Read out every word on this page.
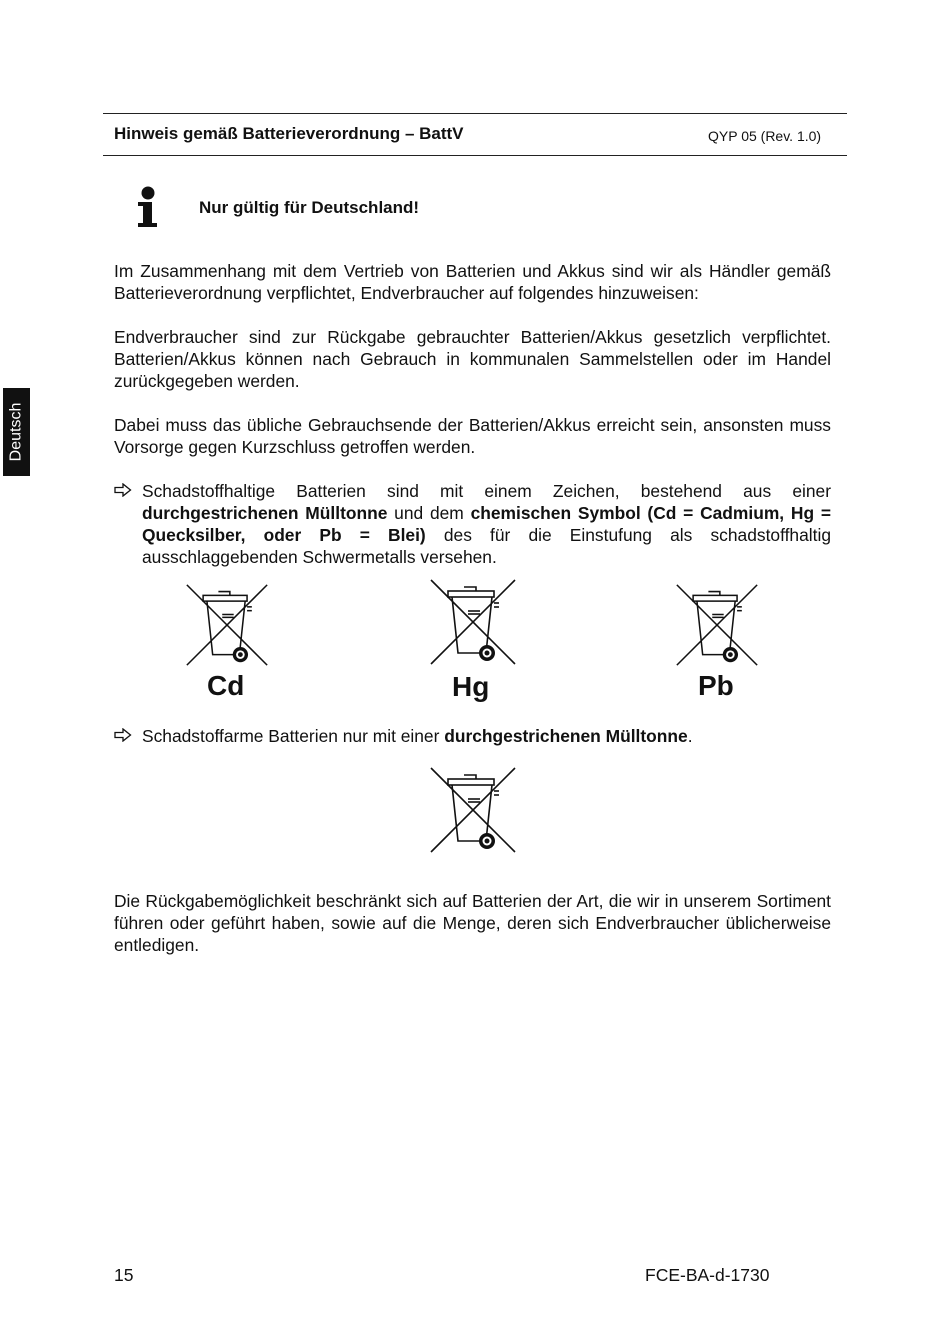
Hinweis gemäß Batterieverordnung – BattV	QYP 05 (Rev. 1.0)
Deutsch
Nur gültig für Deutschland!
Im Zusammenhang mit dem Vertrieb von Batterien und Akkus sind wir als Händler gemäß Batterieverordnung verpflichtet, Endverbraucher auf folgendes hinzuweisen:
Endverbraucher sind zur Rückgabe gebrauchter Batterien/Akkus gesetzlich verpflichtet. Batterien/Akkus können nach Gebrauch in kommunalen Sammelstellen oder im Handel zurückgegeben werden.
Dabei muss das übliche Gebrauchsende der Batterien/Akkus erreicht sein, ansonsten muss Vorsorge gegen Kurzschluss getroffen werden.
Schadstoffhaltige Batterien sind mit einem Zeichen, bestehend aus einer durchgestrichenen Mülltonne und dem chemischen Symbol (Cd = Cadmium, Hg = Quecksilber, oder Pb = Blei) des für die Einstufung als schadstoffhaltig ausschlaggebenden Schwermetalls versehen.
Cd	Hg	Pb
Schadstoffarme Batterien nur mit einer durchgestrichenen Mülltonne.
Die Rückgabemöglichkeit beschränkt sich auf Batterien der Art, die wir in unserem Sortiment führen oder geführt haben, sowie auf die Menge, deren sich Endverbraucher üblicherweise entledigen.
15	FCE-BA-d-1730
